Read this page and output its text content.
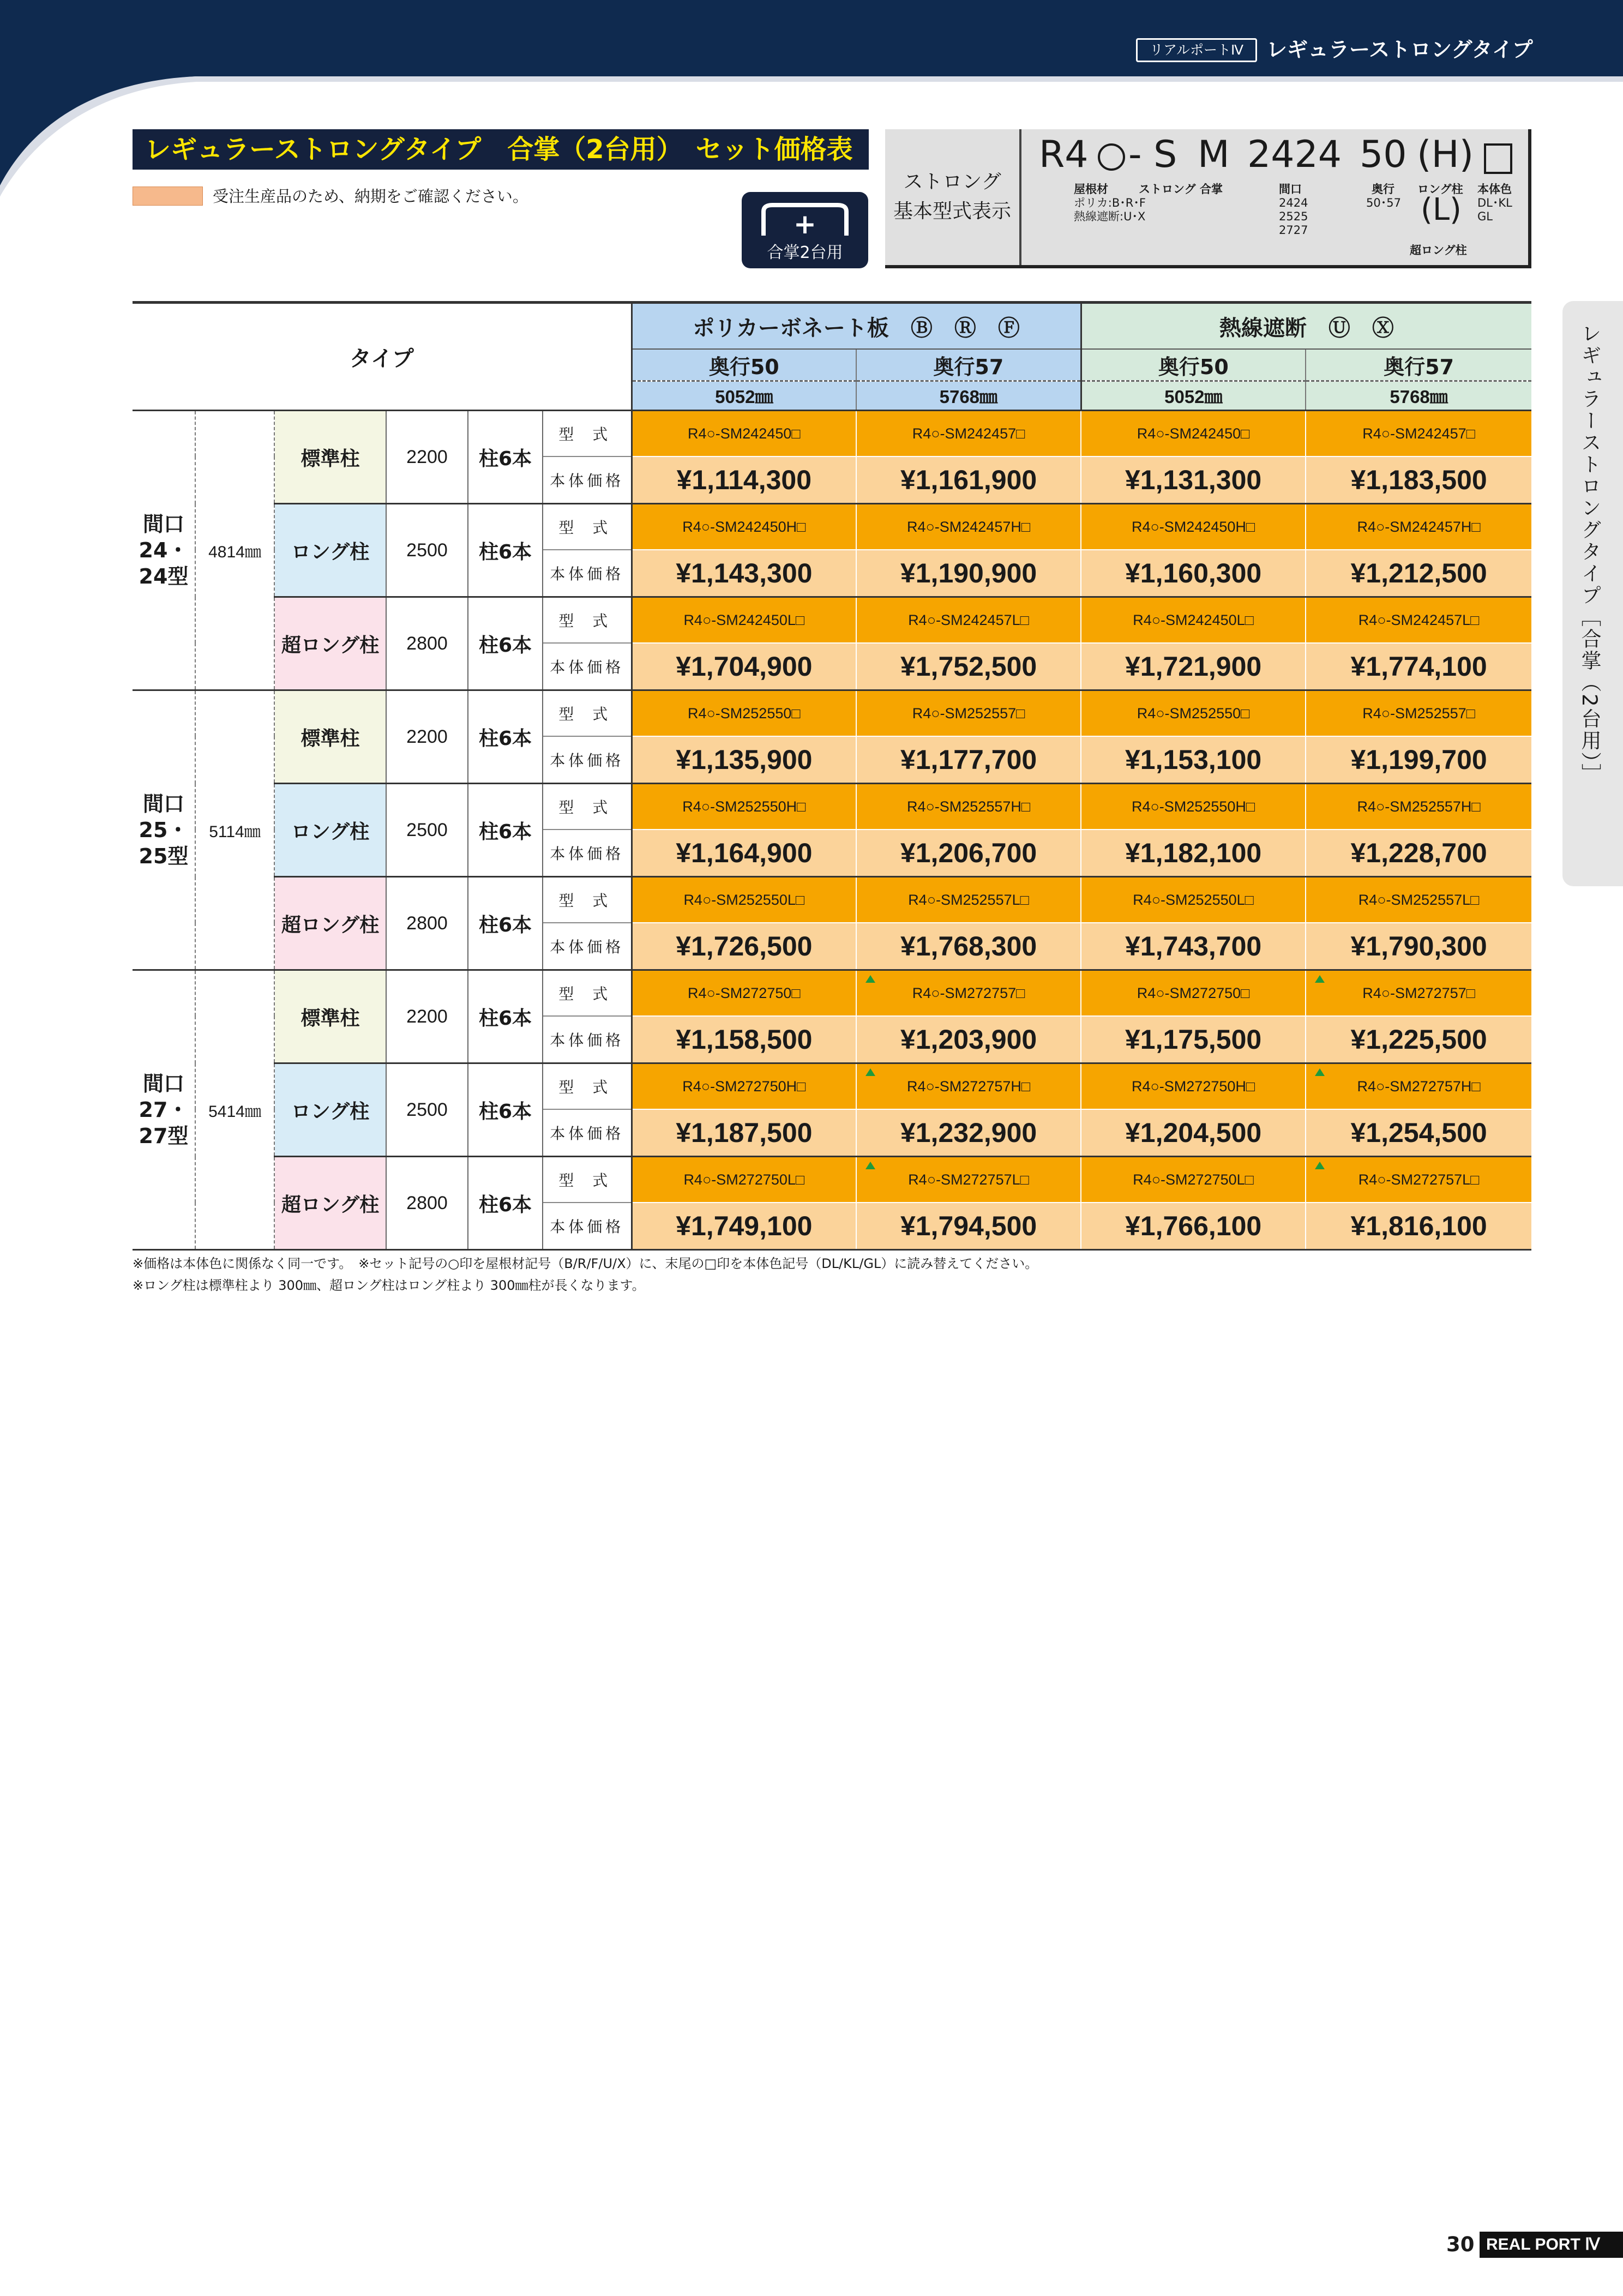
リアルポートⅣ	レギュラーストロングタイプ
レギュラーストロングタイプ　合掌（2台用）　セット価格表
受注生産品のため、納期をご確認ください。
+
合掌2台用
ストロング
基本型式表示
R4 - S M 2424 50 (H)
屋根材
ポリカ:B･R･F
熱線遮断:U･X
ストロング 合掌	間口
2424
2525
2727
奥行
50･57
ロング柱
(L)
超ロング柱
本体色
DL･KL
GL
タイプ						ポリカーボネート板　Ⓑ　Ⓡ　Ⓕ		熱線遮断　Ⓤ　Ⓧ	
						奥行50	奥行57	奥行50	奥行57
						5052㎜	5768㎜	5052㎜	5768㎜
間口
24・
24型	4814㎜	標準柱	2200	柱6本	型式	R4○-SM242450□	R4○-SM242457□	R4○-SM242450□	R4○-SM242457□
					本体価格	¥1,114,300	¥1,161,900	¥1,131,300	¥1,183,500
		ロング柱	2500	柱6本	型式	R4○-SM242450H□	R4○-SM242457H□	R4○-SM242450H□	R4○-SM242457H□
					本体価格	¥1,143,300	¥1,190,900	¥1,160,300	¥1,212,500
		超ロング柱	2800	柱6本	型式	R4○-SM242450L□	R4○-SM242457L□	R4○-SM242450L□	R4○-SM242457L□
					本体価格	¥1,704,900	¥1,752,500	¥1,721,900	¥1,774,100
間口
25・
25型	5114㎜	標準柱	2200	柱6本	型式	R4○-SM252550□	R4○-SM252557□	R4○-SM252550□	R4○-SM252557□
					本体価格	¥1,135,900	¥1,177,700	¥1,153,100	¥1,199,700
		ロング柱	2500	柱6本	型式	R4○-SM252550H□	R4○-SM252557H□	R4○-SM252550H□	R4○-SM252557H□
					本体価格	¥1,164,900	¥1,206,700	¥1,182,100	¥1,228,700
		超ロング柱	2800	柱6本	型式	R4○-SM252550L□	R4○-SM252557L□	R4○-SM252550L□	R4○-SM252557L□
					本体価格	¥1,726,500	¥1,768,300	¥1,743,700	¥1,790,300
間口
27・
27型	5414㎜	標準柱	2200	柱6本	型式	R4○-SM272750□	R4○-SM272757□	R4○-SM272750□	R4○-SM272757□
					本体価格	¥1,158,500	¥1,203,900	¥1,175,500	¥1,225,500
		ロング柱	2500	柱6本	型式	R4○-SM272750H□	R4○-SM272757H□	R4○-SM272750H□	R4○-SM272757H□
					本体価格	¥1,187,500	¥1,232,900	¥1,204,500	¥1,254,500
		超ロング柱	2800	柱6本	型式	R4○-SM272750L□	R4○-SM272757L□	R4○-SM272750L□	R4○-SM272757L□
					本体価格	¥1,749,100	¥1,794,500	¥1,766,100	¥1,816,100
※価格は本体色に関係なく同一です。　※セット記号の○印を屋根材記号（B/R/F/U/X）に、末尾の□印を本体色記号（DL/KL/GL）に読み替えてください。
※ロング柱は標準柱より 300㎜、超ロング柱はロング柱より 300㎜柱が長くなります。
レギュラーストロングタイプ［合掌（2台用）］
30 REAL PORT Ⅳ
